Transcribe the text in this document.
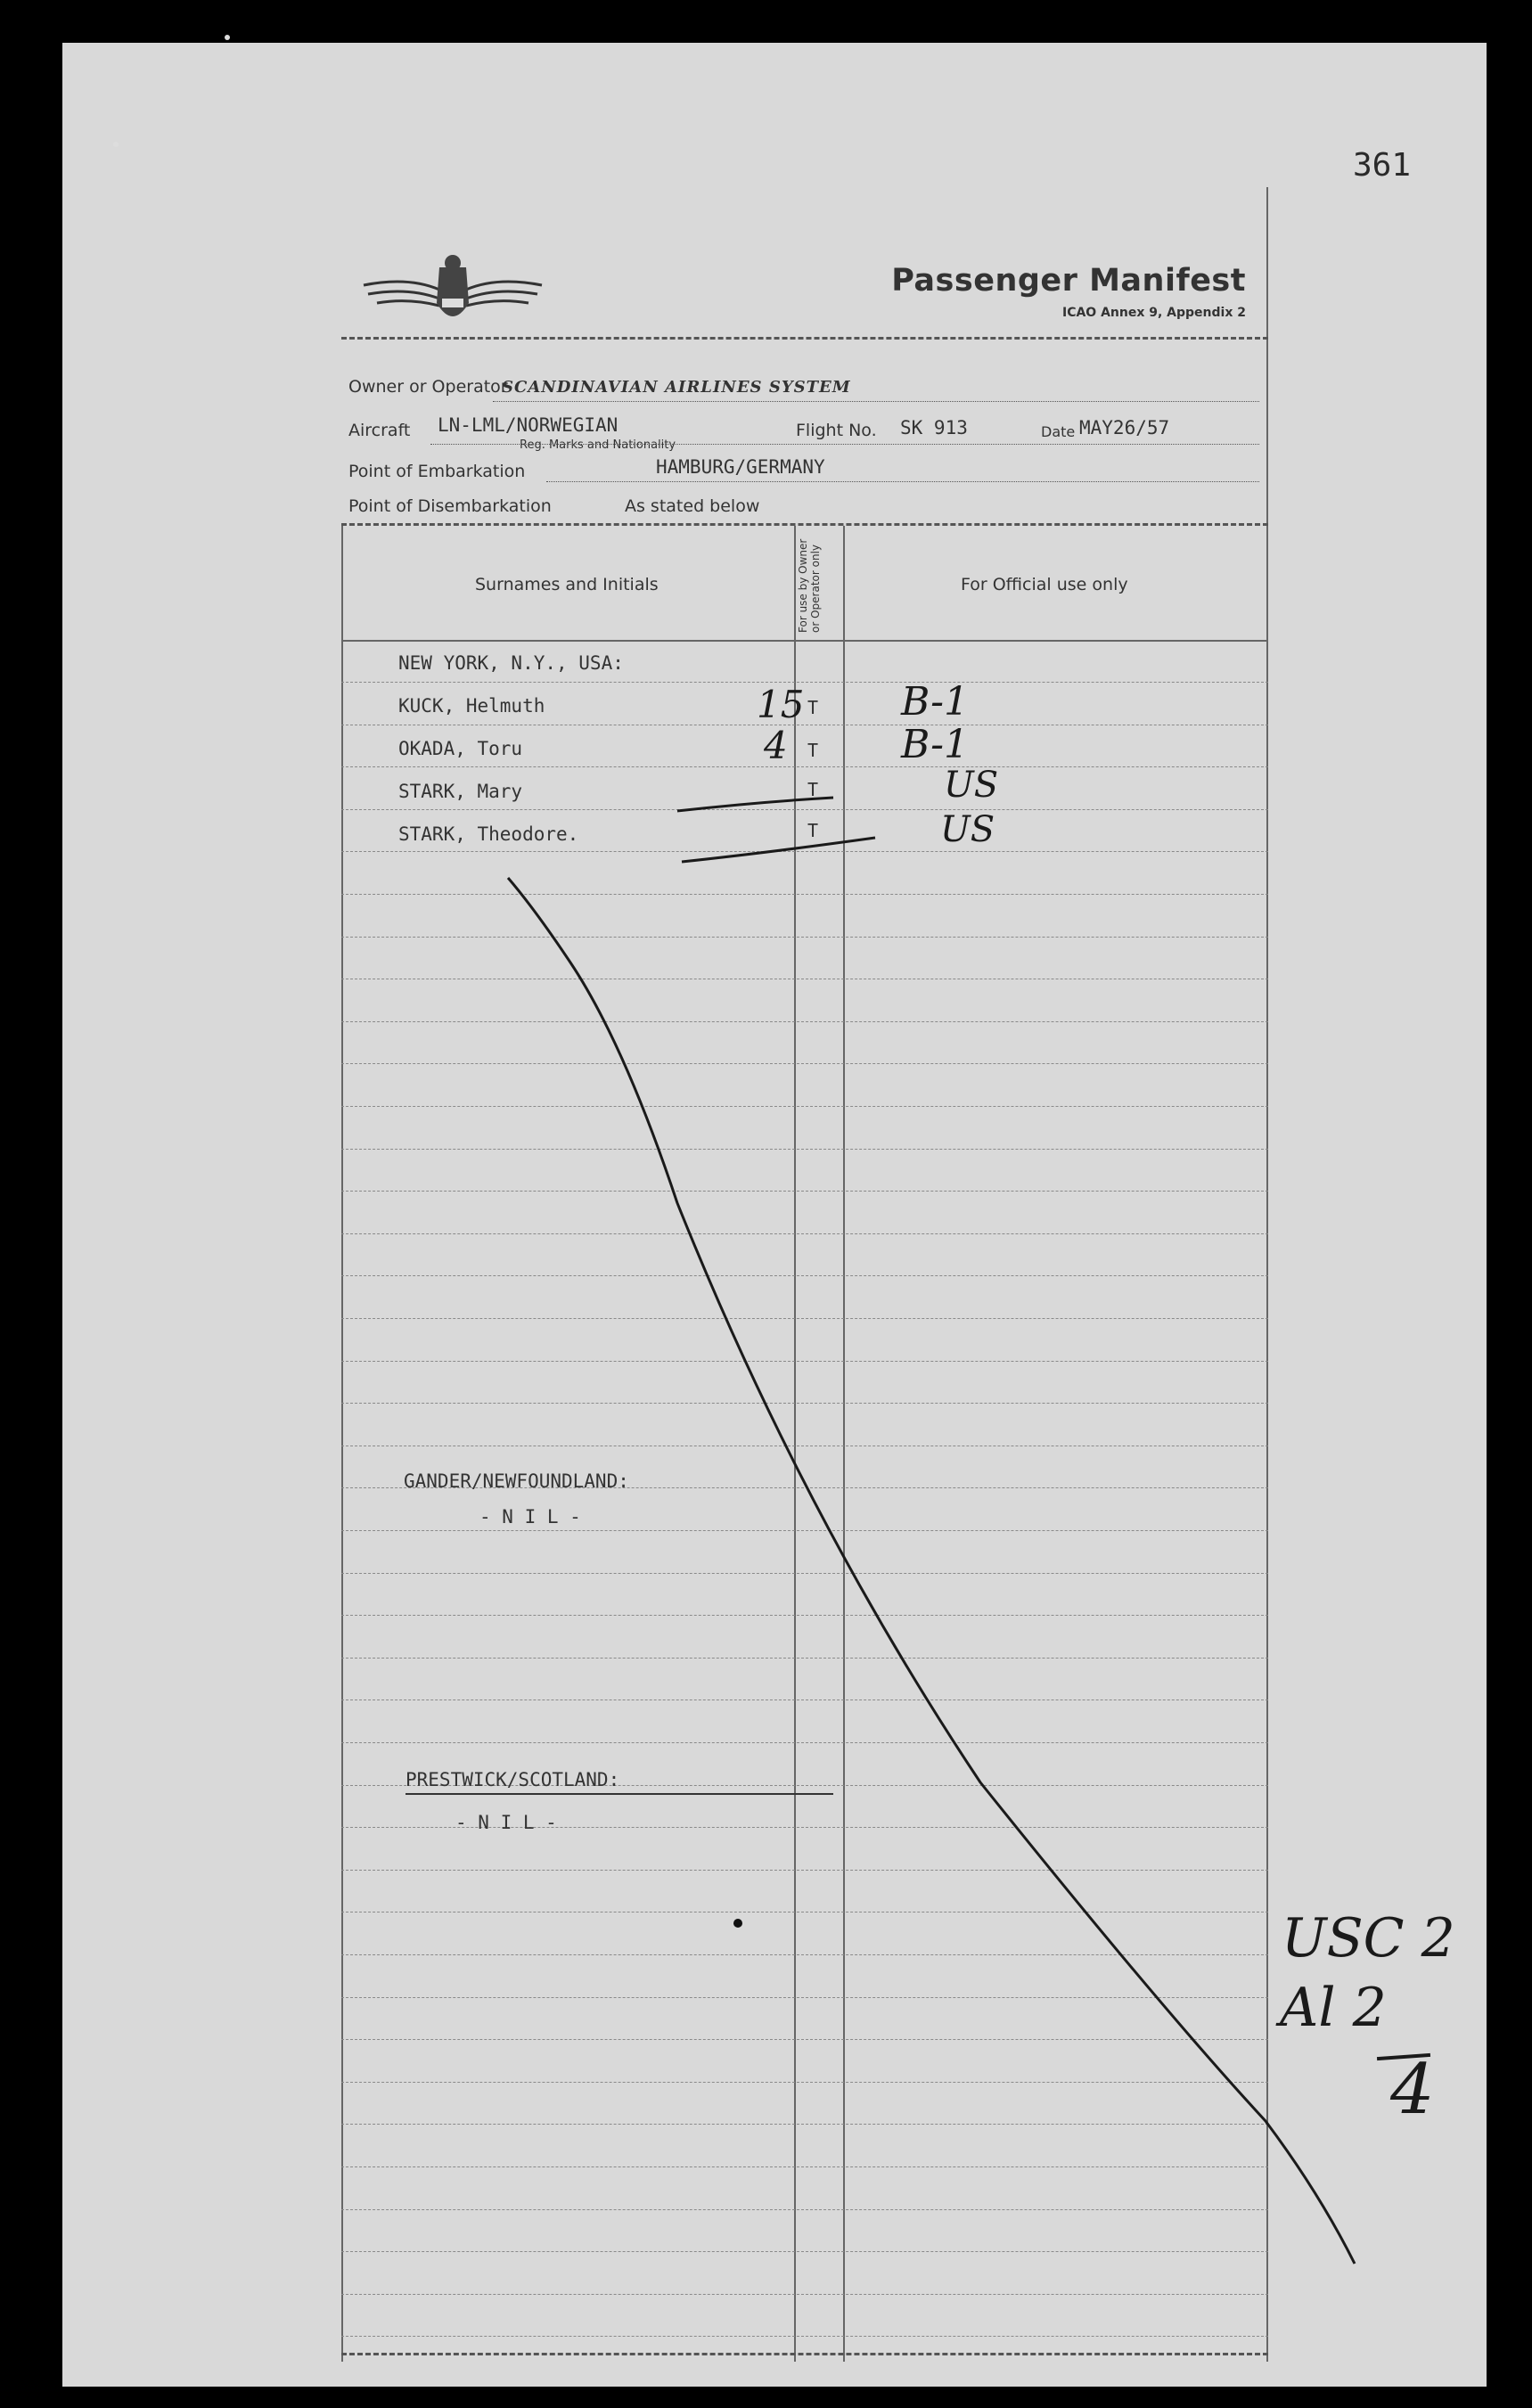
361
Passenger Manifest
ICAO Annex 9, Appendix 2
Owner or Operator
SCANDINAVIAN AIRLINES SYSTEM
Aircraft LN-LML/NORWEGIAN
Reg. Marks and Nationality
Flight No. SK 913	Date MAY26/57
Point of Embarkation	HAMBURG/GERMANY
Point of Disembarkation	As stated below
Surnames and Initials	For use by Owner or Operator only	For Official use only
NEW YORK, N.Y., USA:
KUCK, Helmuth	15 T B-1
OKADA, Toru	4 T B-1
STARK, Mary	T	US
STARK, Theodore.	T	US
GANDER/NEWFOUNDLAND:
- N I L -
PRESTWICK/SCOTLAND:
- N I L -
USC 2
Al 2
4
